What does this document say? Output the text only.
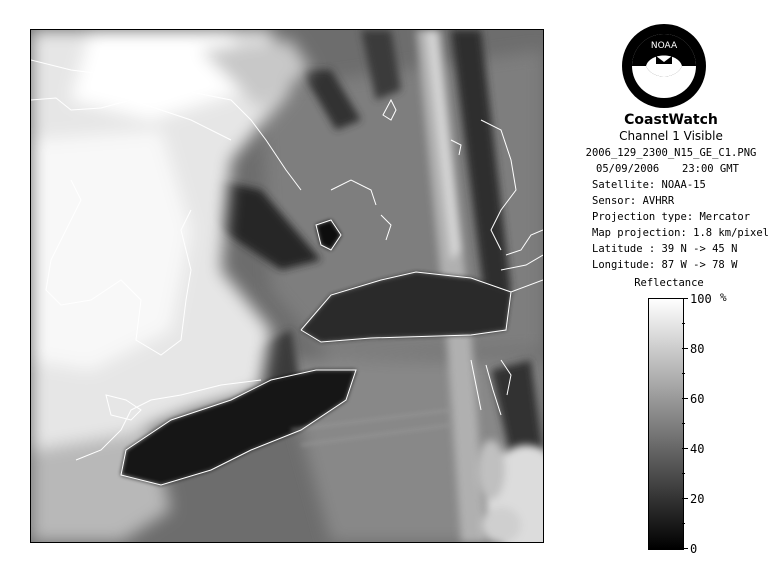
NOAA
CoastWatch
Channel 1 Visible
2006_129_2300_N15_GE_C1.PNG
05/09/2006 23:00 GMT
Satellite: NOAA-15
Sensor: AVHRR
Projection type: Mercator
Map projection: 1.8 km/pixel
Latitude : 39 N -> 45 N
Longitude: 87 W -> 78 W
Reflectance
%
100
80
60
40
20
0
